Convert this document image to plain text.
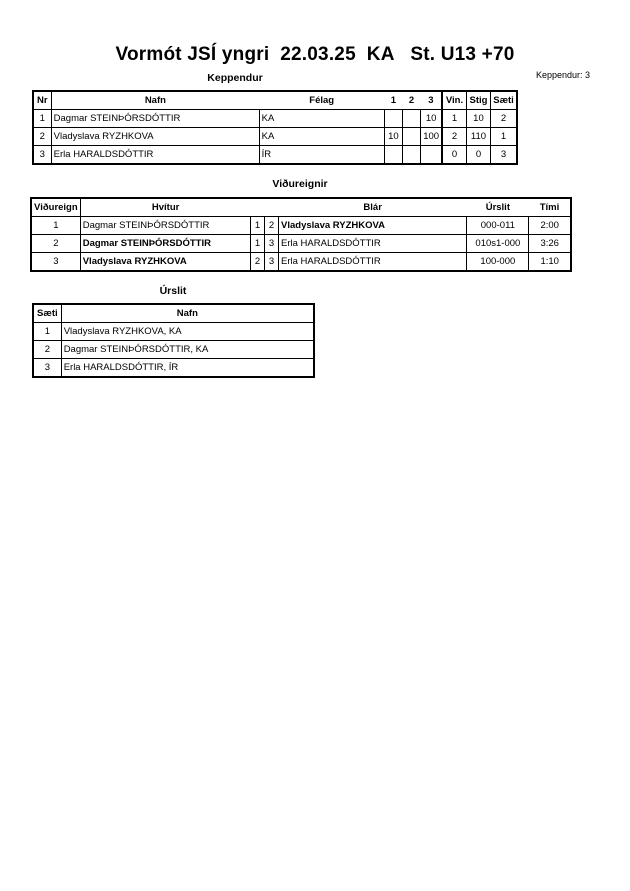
Vormót JSÍ yngri  22.03.25  KA   St. U13 +70
Keppendur: 3
Keppendur
Nr	Nafn	Félag	1	2	3	Vin.	Stig	Sæti
1	Dagmar STEINÞÓRSDÓTTIR	KA			10	1	10	2
2	Vladyslava RYZHKOVA	KA	10		100	2	110	1
3	Erla HARALDSDÓTTIR	ÍR				0	0	3
Viðureignir
Viðureign	Hvítur			Blár	Úrslit	Tími
1	Dagmar STEINÞÓRSDÓTTIR	1	2	Vladyslava RYZHKOVA	000-011	2:00
2	Dagmar STEINÞÓRSDÓTTIR	1	3	Erla HARALDSDÓTTIR	010s1-000	3:26
3	Vladyslava RYZHKOVA	2	3	Erla HARALDSDÓTTIR	100-000	1:10
Úrslit
Sæti	Nafn
1	Vladyslava RYZHKOVA, KA
2	Dagmar STEINÞÓRSDÓTTIR, KA
3	Erla HARALDSDÓTTIR, ÍR
